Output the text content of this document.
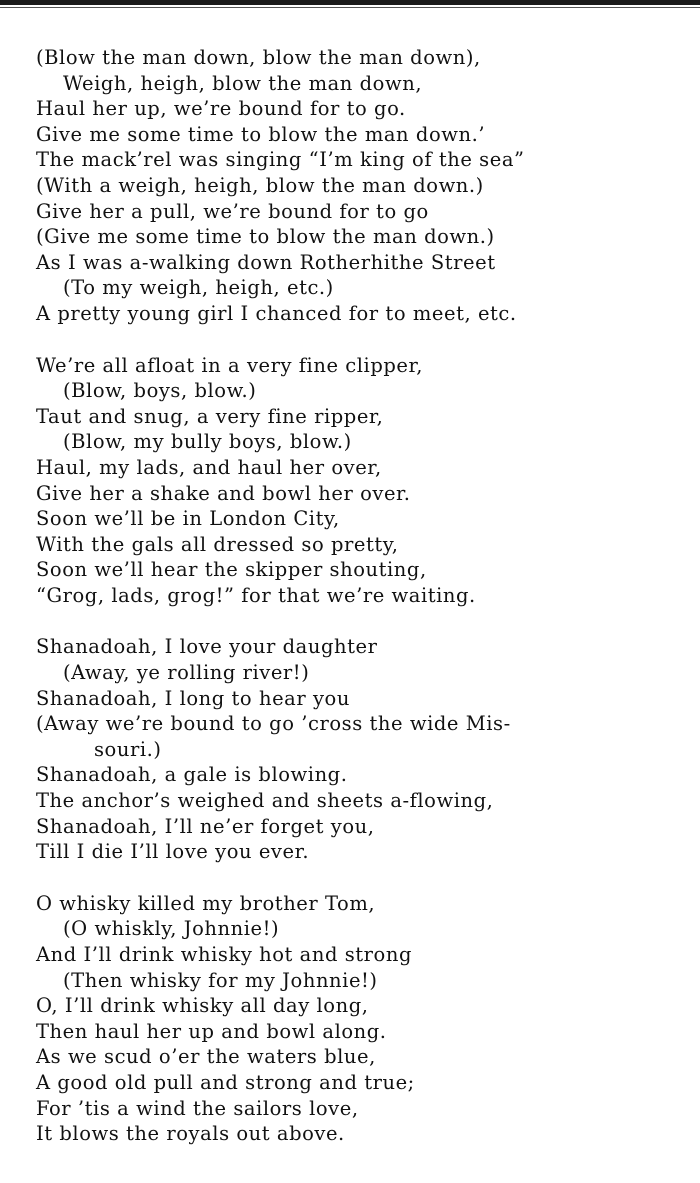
(Blow the man down, blow the man down),
Weigh, heigh, blow the man down,
Haul her up, we’re bound for to go.
Give me some time to blow the man down.’
The mack’rel was singing “I’m king of the sea”
(With a weigh, heigh, blow the man down.)
Give her a pull, we’re bound for to go
(Give me some time to blow the man down.)
As I was a-walking down Rotherhithe Street
(To my weigh, heigh, etc.)
A pretty young girl I chanced for to meet, etc.
We’re all afloat in a very fine clipper,
(Blow, boys, blow.)
Taut and snug, a very fine ripper,
(Blow, my bully boys, blow.)
Haul, my lads, and haul her over,
Give her a shake and bowl her over.
Soon we’ll be in London City,
With the gals all dressed so pretty,
Soon we’ll hear the skipper shouting,
“Grog, lads, grog!” for that we’re waiting.
Shanadoah, I love your daughter
(Away, ye rolling river!)
Shanadoah, I long to hear you
(Away we’re bound to go ’cross the wide Mis-
souri.)
Shanadoah, a gale is blowing.
The anchor’s weighed and sheets a-flowing,
Shanadoah, I’ll ne’er forget you,
Till I die I’ll love you ever.
O whisky killed my brother Tom,
(O whiskly, Johnnie!)
And I’ll drink whisky hot and strong
(Then whisky for my Johnnie!)
O, I’ll drink whisky all day long,
Then haul her up and bowl along.
As we scud o’er the waters blue,
A good old pull and strong and true;
For ’tis a wind the sailors love,
It blows the royals out above.
